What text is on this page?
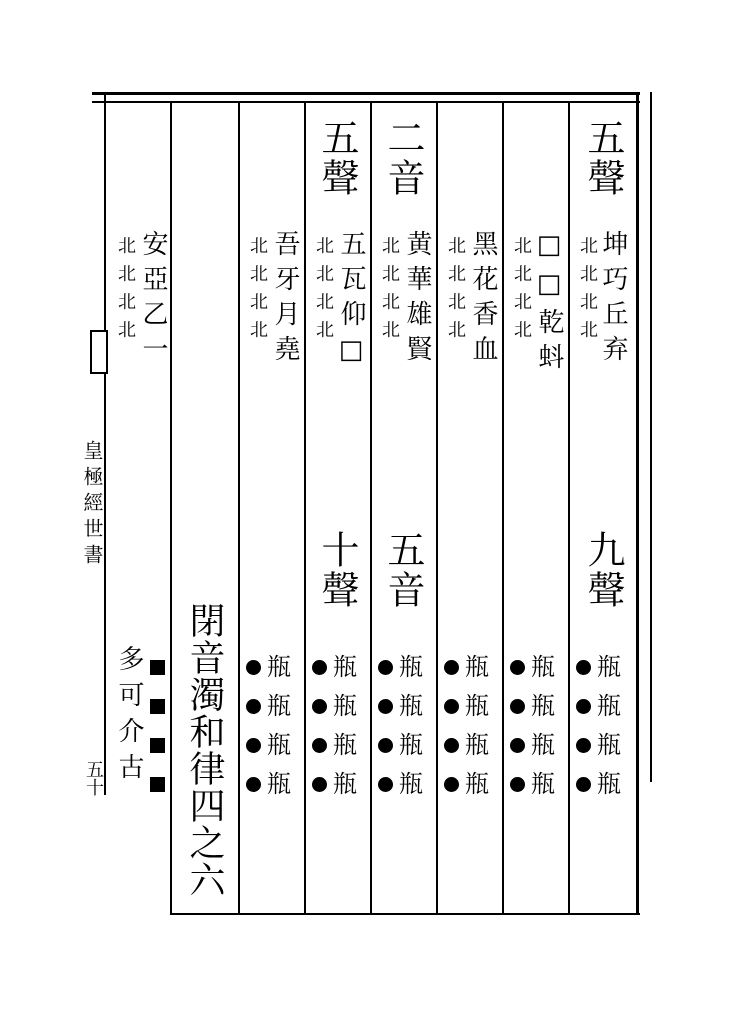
皇極經世書
五十
五聲
坤巧丘弃
北北北北
九聲
□□乾蚪
北北北北
黑花香血
北北北北
二音
黄華雄賢
北北北北
五音
五聲
五瓦仰□
北北北北
十聲
吾牙月堯
北北北北
閉音濁和律四之六
安亞乙一
北北北北
多可介古	瓶
瓶
瓶
瓶
瓶
瓶
瓶
瓶
瓶
瓶
瓶
瓶
瓶
瓶
瓶
瓶
瓶
瓶
瓶
瓶
瓶
瓶
瓶
瓶
